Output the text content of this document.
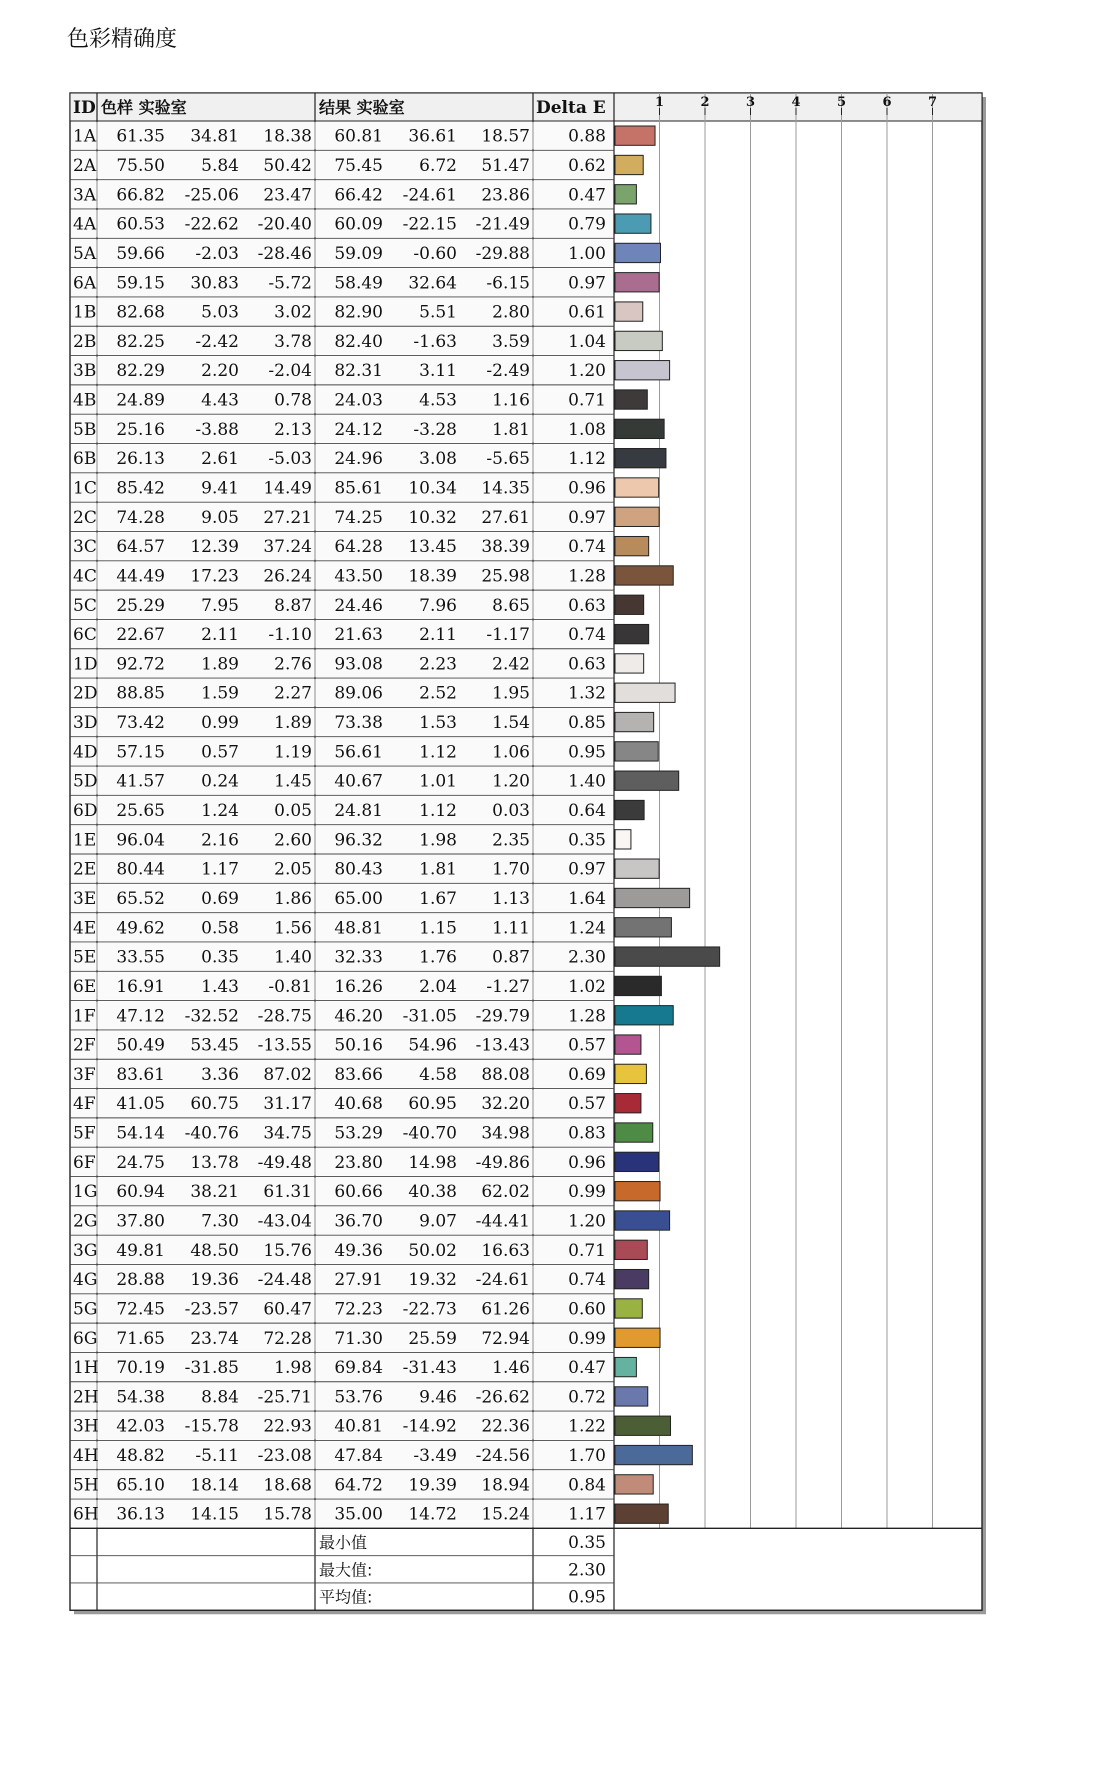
色彩精确度
1	2	3	4	5	6	7
ID 色样 实验室	结果 实验室	Delta E
1A 61.35 34.81 18.38 60.81 36.61 18.57 0.88
2A 75.50 5.84 50.42 75.45 6.72 51.47 0.62
3A 66.82 -25.06 23.47 66.42 -24.61 23.86 0.47
4A 60.53 -22.62 -20.40 60.09 -22.15 -21.49 0.79
5A 59.66 -2.03 -28.46 59.09 -0.60 -29.88 1.00
6A 59.15 30.83 -5.72 58.49 32.64 -6.15 0.97
1B 82.68 5.03 3.02 82.90 5.51 2.80 0.61
2B 82.25 -2.42 3.78 82.40 -1.63 3.59 1.04
3B 82.29 2.20 -2.04 82.31 3.11 -2.49 1.20
4B 24.89 4.43 0.78 24.03 4.53 1.16 0.71
5B 25.16 -3.88 2.13 24.12 -3.28 1.81 1.08
6B 26.13 2.61 -5.03 24.96 3.08 -5.65 1.12
1C 85.42 9.41 14.49 85.61 10.34 14.35 0.96
2C 74.28 9.05 27.21 74.25 10.32 27.61 0.97
3C 64.57 12.39 37.24 64.28 13.45 38.39 0.74
4C 44.49 17.23 26.24 43.50 18.39 25.98 1.28
5C 25.29 7.95 8.87 24.46 7.96 8.65 0.63
6C 22.67 2.11 -1.10 21.63 2.11 -1.17 0.74
1D 92.72 1.89 2.76 93.08 2.23 2.42 0.63
2D 88.85 1.59 2.27 89.06 2.52 1.95 1.32
3D 73.42 0.99 1.89 73.38 1.53 1.54 0.85
4D 57.15 0.57 1.19 56.61 1.12 1.06 0.95
5D 41.57 0.24 1.45 40.67 1.01 1.20 1.40
6D 25.65 1.24 0.05 24.81 1.12 0.03 0.64
1E 96.04 2.16 2.60 96.32 1.98 2.35 0.35
2E 80.44 1.17 2.05 80.43 1.81 1.70 0.97
3E 65.52 0.69 1.86 65.00 1.67 1.13 1.64
4E 49.62 0.58 1.56 48.81 1.15 1.11 1.24
5E 33.55 0.35 1.40 32.33 1.76 0.87 2.30
6E 16.91 1.43 -0.81 16.26 2.04 -1.27 1.02
1F 47.12 -32.52 -28.75 46.20 -31.05 -29.79 1.28
2F 50.49 53.45 -13.55 50.16 54.96 -13.43 0.57
3F 83.61 3.36 87.02 83.66 4.58 88.08 0.69
4F 41.05 60.75 31.17 40.68 60.95 32.20 0.57
5F 54.14 -40.76 34.75 53.29 -40.70 34.98 0.83
6F 24.75 13.78 -49.48 23.80 14.98 -49.86 0.96
1G 60.94 38.21 61.31 60.66 40.38 62.02 0.99
2G 37.80 7.30 -43.04 36.70 9.07 -44.41 1.20
3G 49.81 48.50 15.76 49.36 50.02 16.63 0.71
4G 28.88 19.36 -24.48 27.91 19.32 -24.61 0.74
5G 72.45 -23.57 60.47 72.23 -22.73 61.26 0.60
6G 71.65 23.74 72.28 71.30 25.59 72.94 0.99
1H 70.19 -31.85 1.98 69.84 -31.43 1.46 0.47
2H 54.38 8.84 -25.71 53.76 9.46 -26.62 0.72
3H 42.03 -15.78 22.93 40.81 -14.92 22.36 1.22
4H 48.82 -5.11 -23.08 47.84 -3.49 -24.56 1.70
5H 65.10 18.14 18.68 64.72 19.39 18.94 0.84
6H 36.13 14.15 15.78 35.00 14.72 15.24 1.17
最小值	0.35
最大值:	2.30
平均值:	0.95
